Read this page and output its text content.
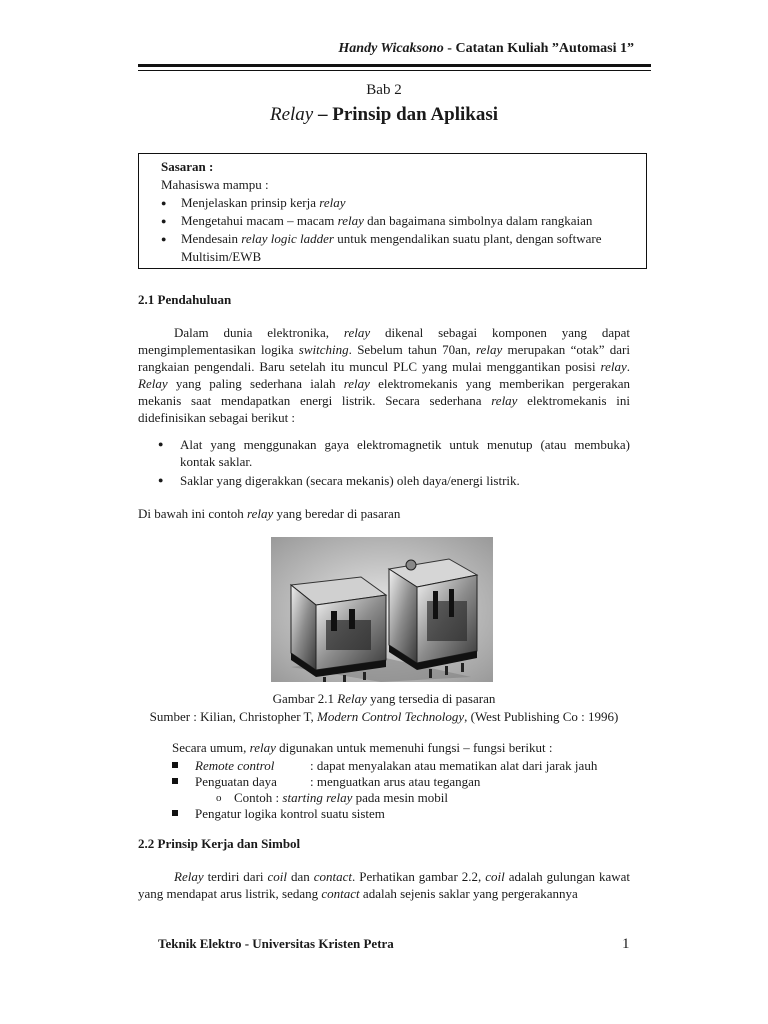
Handy Wicaksono - Catatan Kuliah ”Automasi 1”
Bab 2
Relay – Prinsip dan Aplikasi
Sasaran :
Mahasiswa mampu :
● Menjelaskan prinsip kerja relay
● Mengetahui macam – macam relay dan bagaimana simbolnya dalam rangkaian
● Mendesain relay logic ladder untuk mengendalikan suatu plant, dengan software Multisim/EWB
2.1 Pendahuluan
Dalam dunia elektronika, relay dikenal sebagai komponen yang dapat mengimplementasikan logika switching. Sebelum tahun 70an, relay merupakan “otak” dari rangkaian pengendali. Baru setelah itu muncul PLC yang mulai menggantikan posisi relay. Relay yang paling sederhana ialah relay elektromekanis yang memberikan pergerakan mekanis saat mendapatkan energi listrik. Secara sederhana relay elektromekanis ini didefinisikan sebagai berikut :
● Alat yang menggunakan gaya elektromagnetik untuk menutup (atau membuka) kontak saklar.
● Saklar yang digerakkan (secara mekanis) oleh daya/energi listrik.
Di bawah ini contoh relay yang beredar di pasaran
Gambar 2.1 Relay yang tersedia di pasaran
Sumber : Kilian, Christopher T, Modern Control Technology, (West Publishing Co : 1996)
Secara umum, relay digunakan untuk memenuhi fungsi – fungsi berikut :
Remote control	: dapat menyalakan atau mematikan alat dari jarak jauh
Penguatan daya	: menguatkan arus atau tegangan
o Contoh : starting relay pada mesin mobil
Pengatur logika kontrol suatu sistem
2.2 Prinsip Kerja dan Simbol
Relay terdiri dari coil dan contact. Perhatikan gambar 2.2, coil adalah gulungan kawat yang mendapat arus listrik, sedang contact adalah sejenis saklar yang pergerakannya
Teknik Elektro - Universitas Kristen Petra	1
